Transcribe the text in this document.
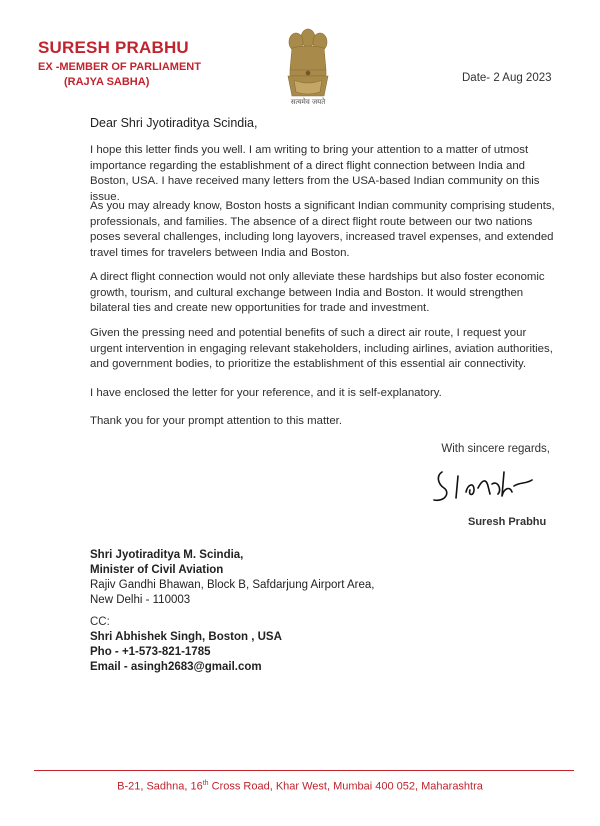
SURESH PRABHU
EX -MEMBER OF PARLIAMENT
(RAJYA SABHA)
सत्यमेव जयते
Date- 2 Aug 2023
Dear Shri Jyotiraditya Scindia,

I hope this letter finds you well. I am writing to bring your attention to a matter of utmost importance regarding the establishment of a direct flight connection between India and Boston, USA. I have received many letters from the USA-based Indian community on this issue.

As you may already know, Boston hosts a significant Indian community comprising students, professionals, and families. The absence of a direct flight route between our two nations poses several challenges, including long layovers, increased travel expenses, and extended travel times for travelers between India and Boston.

A direct flight connection would not only alleviate these hardships but also foster economic growth, tourism, and cultural exchange between India and Boston. It would strengthen bilateral ties and create new opportunities for trade and investment.

Given the pressing need and potential benefits of such a direct air route, I request your urgent intervention in engaging relevant stakeholders, including airlines, aviation authorities, and government bodies, to prioritize the establishment of this essential air connectivity.

I have enclosed the letter for your reference, and it is self-explanatory.

Thank you for your prompt attention to this matter.

With sincere regards,
Suresh Prabhu
Shri Jyotiraditya M. Scindia,
Minister of Civil Aviation
Rajiv Gandhi Bhawan, Block B, Safdarjung Airport Area,
New Delhi - 110003
CC:
Shri Abhishek Singh, Boston , USA
Pho - +1-573-821-1785
Email - asingh2683@gmail.com
B-21, Sadhna, 16th Cross Road, Khar West, Mumbai 400 052, Maharashtra
